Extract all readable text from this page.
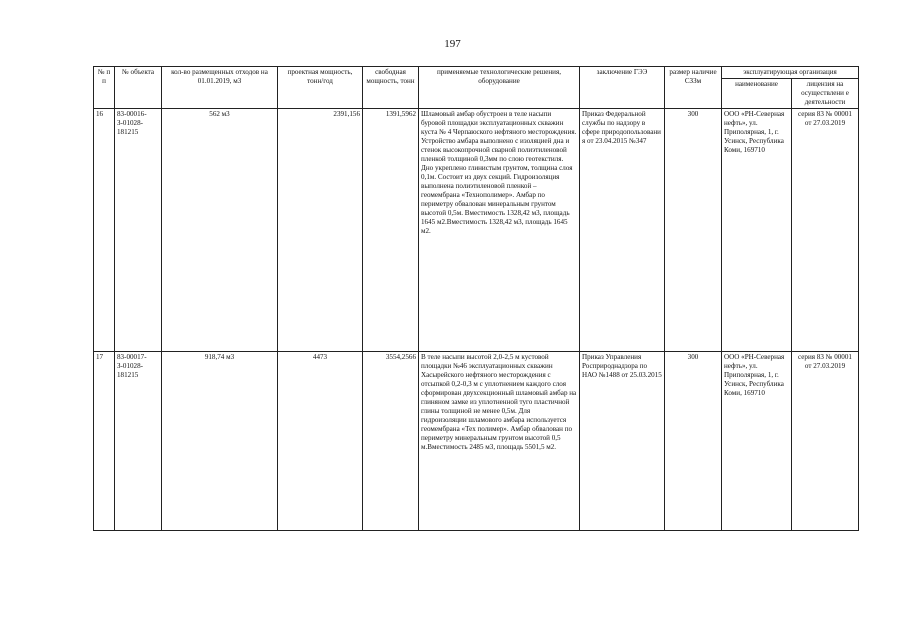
197
№ п п	№ объекта	кол-во размещенных отходов на 01.01.2019, м3	проектная мощность, тонн/год	свободная мощность, тонн	применяемые технологические решения, оборудование	заключение ГЭЭ	размер наличие СЗЗм	эксплуатирующая организация	
								наименование	лицензия на осуществлени е деятельности
16	83-00016-З-01028-181215	562 м3	2391,156	1391,5962	Шламовый амбар обустроен в теле насыпи буровой площадки эксплуатационных скважин куста № 4 Черпаюского нефтяного месторождения. Устройство амбара выполнено с изоляцией дна и стенок высокопрочной сварной полиэтиленовой пленкой толщиной 0,3мм по слою геотекстиля. Дно укреплено глинистым грунтом, толщина слоя 0,1м. Состоит из двух секций. Гидроизоляция выполнена полиэтиленовой пленкой – геомембрана «Технополимер». Амбар по периметру обвалован минеральным грунтом высотой 0,5м. Вместимость 1328,42 м3, площадь 1645 м2.Вместимость 1328,42 м3, площадь 1645 м2.	Приказ Федеральной службы по надзору в сфере природопользовани я от 23.04.2015 №347	300	ООО «РН-Северная нефть», ул. Приполярная, 1, г. Усинск, Республика Коми, 169710	серия 83 № 00001 от 27.03.2019
17	83-00017-З-01028-181215	918,74 м3	4473	3554,2566	В теле насыпи высотой 2,0-2,5 м кустовой площадки №46 эксплуатационных скважин Хасырейского нефтяного месторождения с отсыпкой 0,2-0,3 м с уплотнением каждого слоя сформирован двухсекционный шламовый амбар на глиняном замке из уплотненной туго пластичной глины толщиной не менее 0,5м. Для гидроизоляции шламового амбара используется геомембрана «Тех полимер». Амбар обвалован по периметру минеральным грунтом высотой 0,5 м.Вместимость 2485 м3, площадь 5501,5 м2.	Приказ Управления Росприроднадзора по НАО №1488 от 25.03.2015	300	ООО «РН-Северная нефть», ул. Приполярная, 1, г. Усинск, Республика Коми, 169710	серия 83 № 00001 от 27.03.2019
